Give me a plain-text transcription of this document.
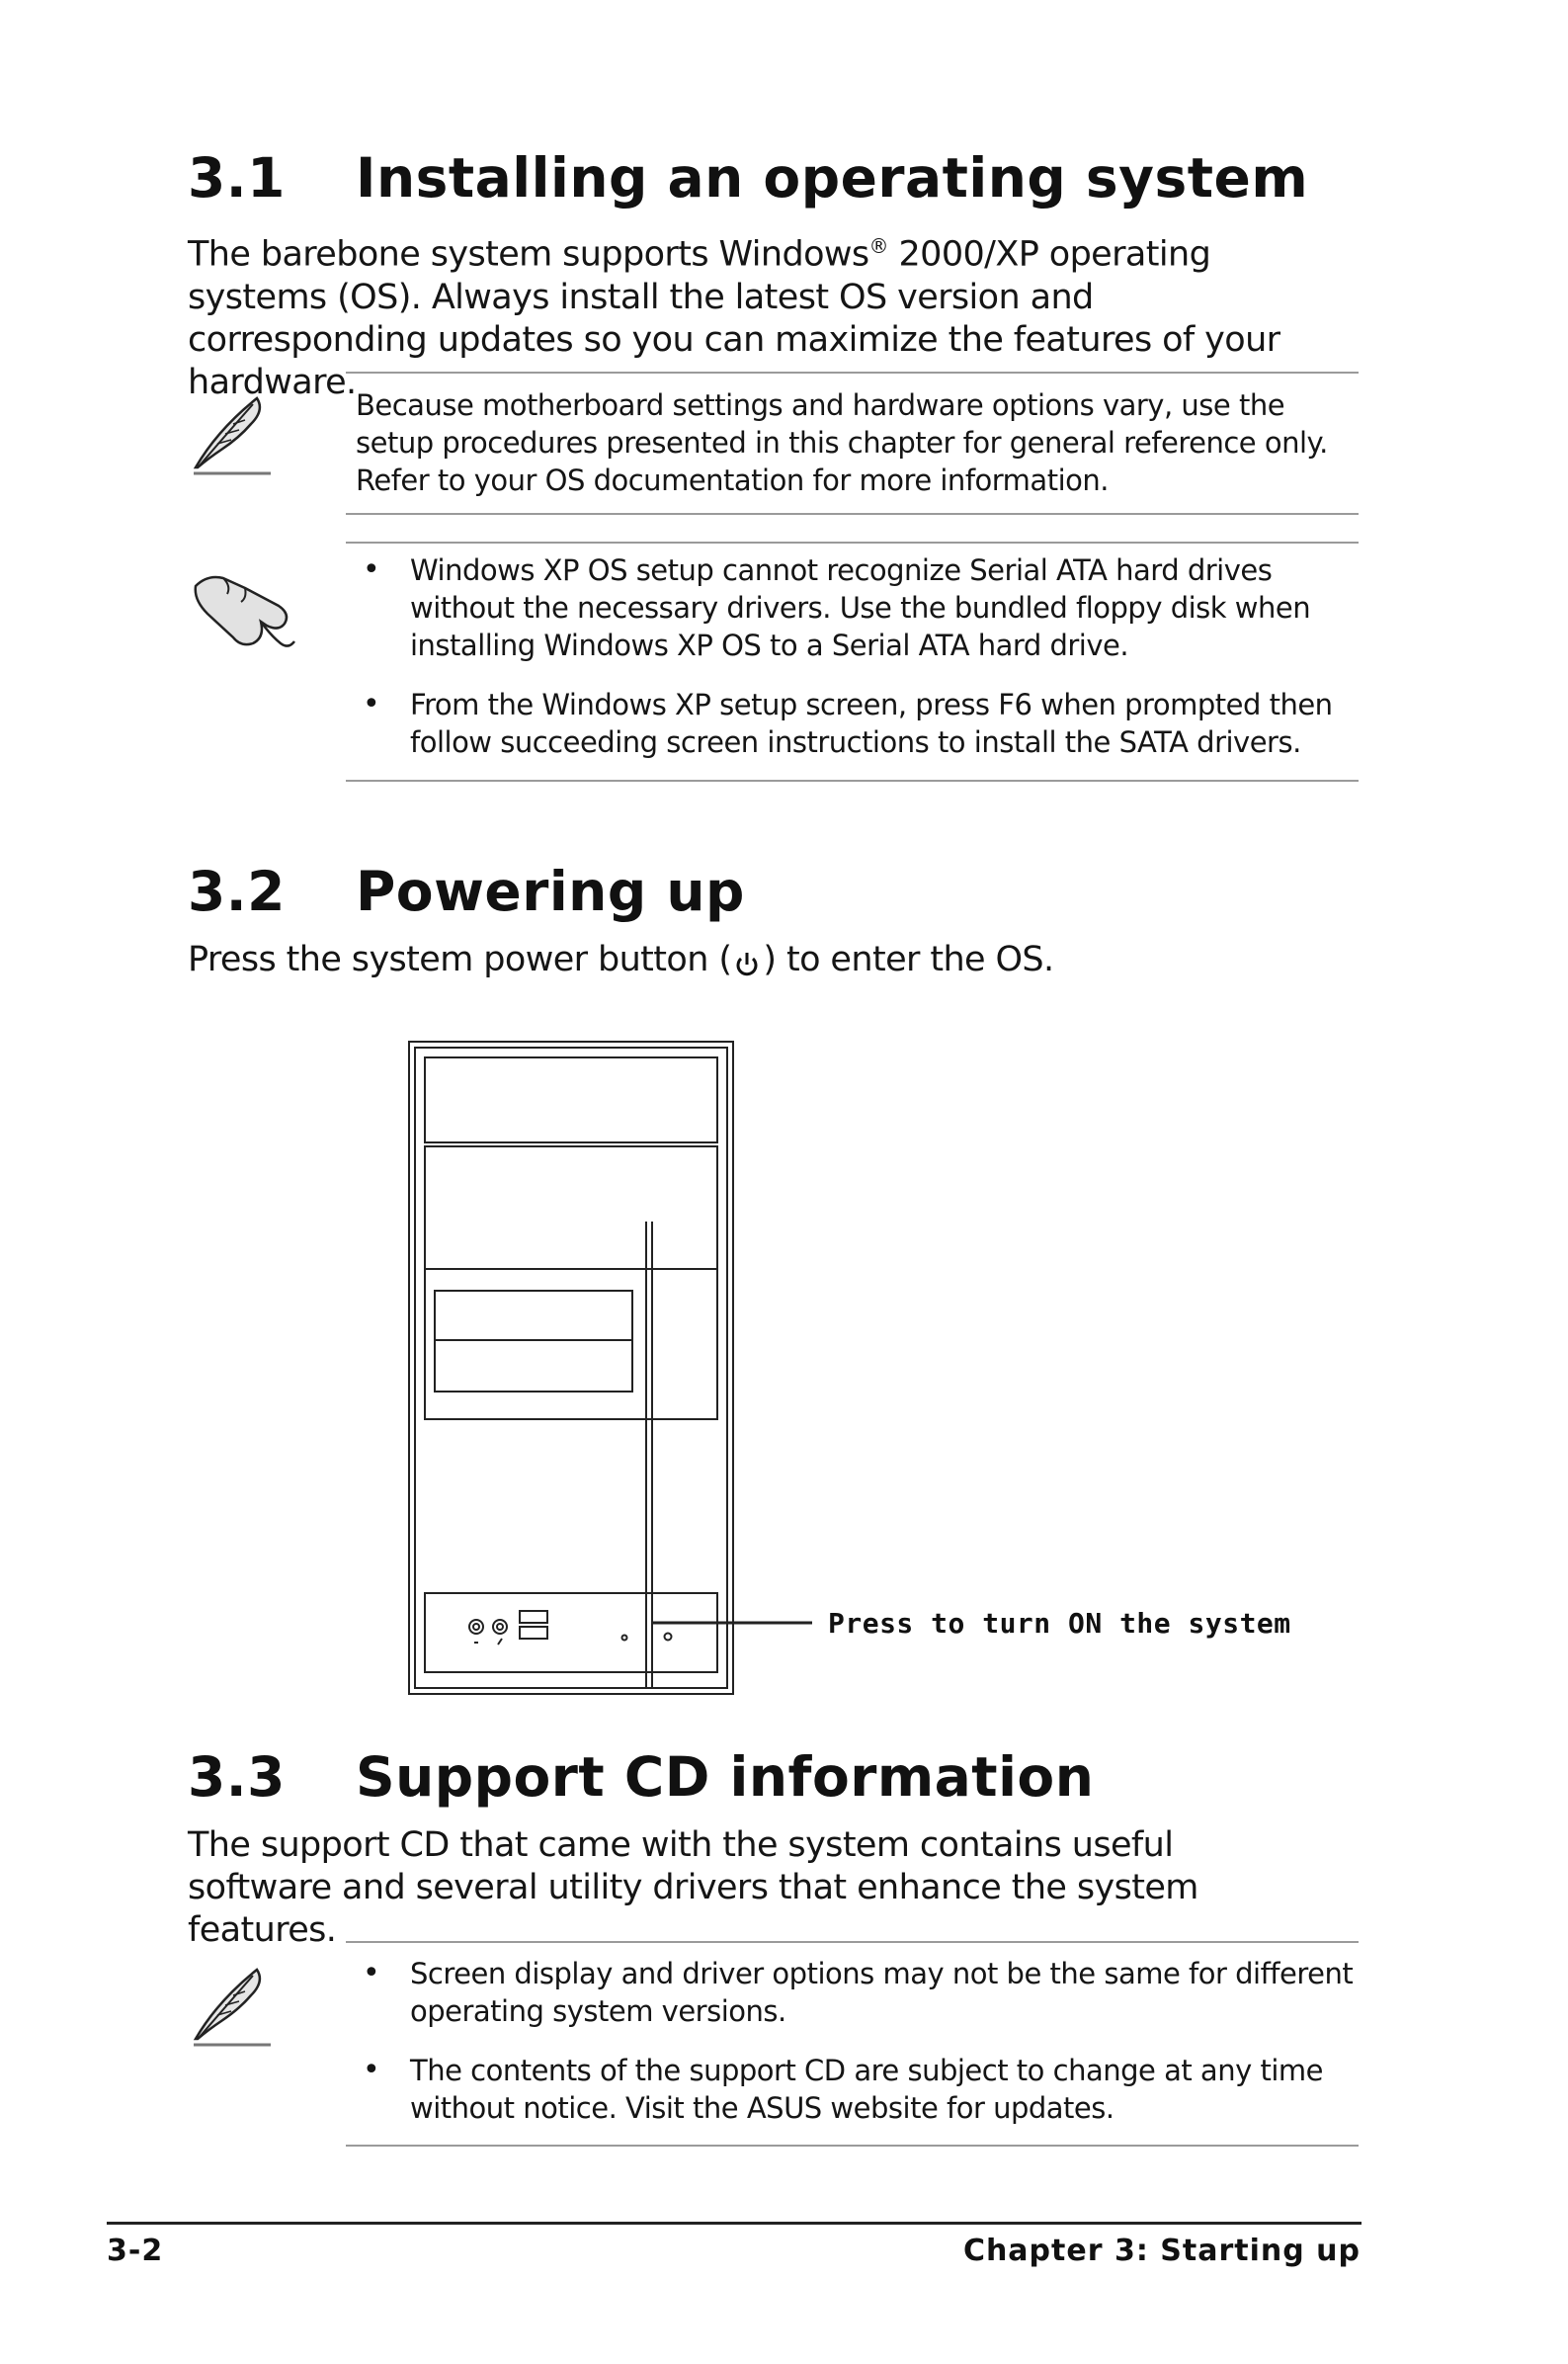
3.1 Installing an operating system

The barebone system supports Windows® 2000/XP operating systems (OS). Always install the latest OS version and corresponding updates so you can maximize the features of your hardware.

Because motherboard settings and hardware options vary, use the setup procedures presented in this chapter for general reference only. Refer to your OS documentation for more information.
• Windows XP OS setup cannot recognize Serial ATA hard drives without the necessary drivers. Use the bundled floppy disk when installing Windows XP OS to a Serial ATA hard drive.
• From the Windows XP setup screen, press F6 when prompted then follow succeeding screen instructions to install the SATA drivers.
3.2 Powering up

Press the system power button ( ) to enter the OS.

Press to turn ON the system
3.3 Support CD information

The support CD that came with the system contains useful software and several utility drivers that enhance the system features.

• Screen display and driver options may not be the same for different operating system versions.
• The contents of the support CD are subject to change at any time without notice. Visit the ASUS website for updates.
3-2	Chapter 3: Starting up
